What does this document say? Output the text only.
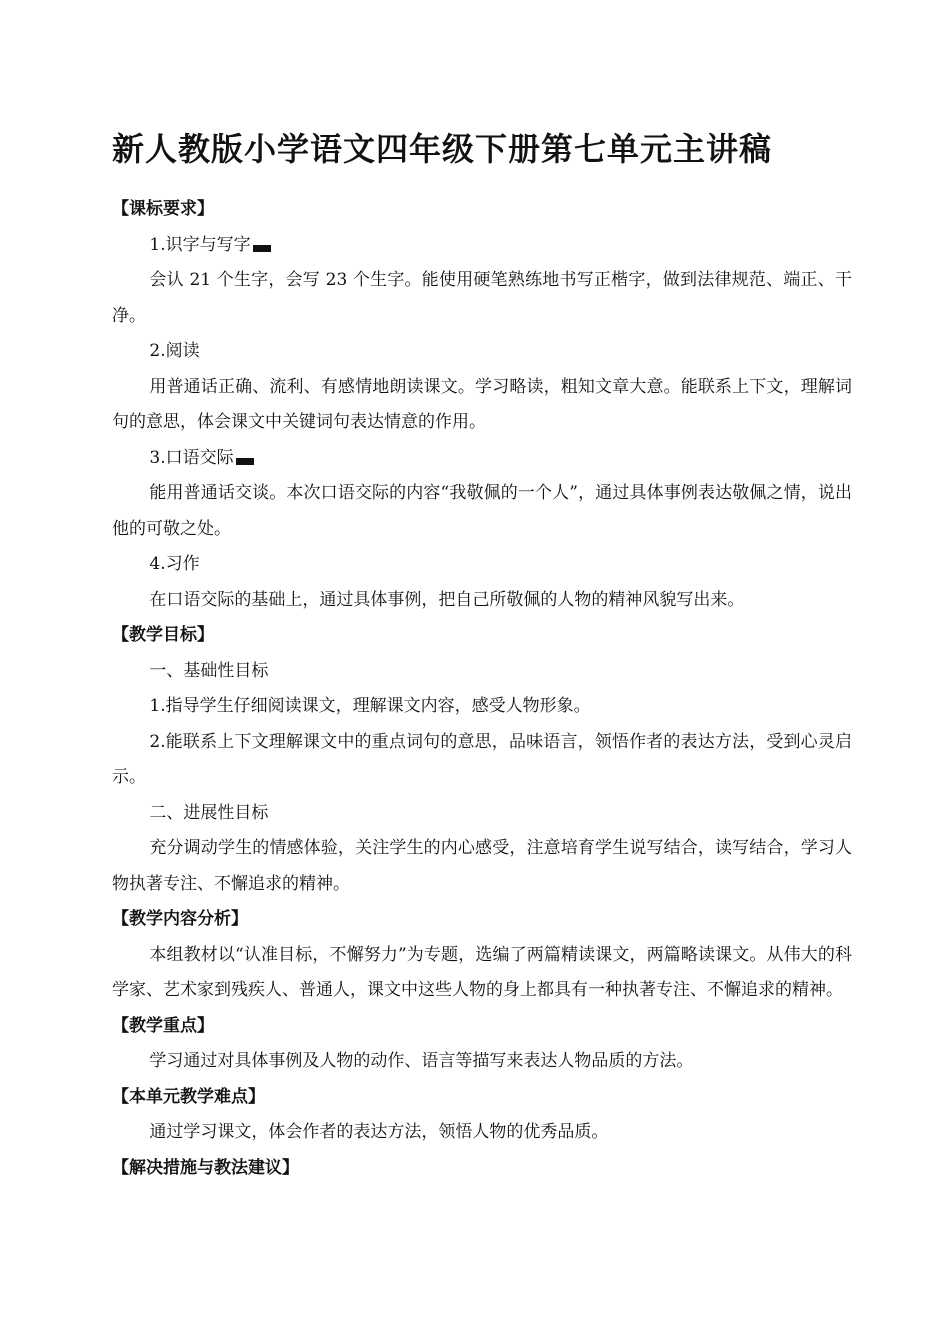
新人教版小学语文四年级下册第七单元主讲稿
【课标要求】
1.识字与写字
会认 21 个生字，会写 23 个生字。能使用硬笔熟练地书写正楷字，做到法律规范、端正、干净。
2.阅读
用普通话正确、流利、有感情地朗读课文。学习略读，粗知文章大意。能联系上下文，理解词句的意思，体会课文中关键词句表达情意的作用。
3.口语交际
能用普通话交谈。本次口语交际的内容“我敬佩的一个人”，通过具体事例表达敬佩之情，说出他的可敬之处。
4.习作
在口语交际的基础上，通过具体事例，把自己所敬佩的人物的精神风貌写出来。
【教学目标】
一、基础性目标
1.指导学生仔细阅读课文，理解课文内容，感受人物形象。
2.能联系上下文理解课文中的重点词句的意思，品味语言，领悟作者的表达方法，受到心灵启示。
二、进展性目标
充分调动学生的情感体验，关注学生的内心感受，注意培育学生说写结合，读写结合，学习人物执著专注、不懈追求的精神。
【教学内容分析】
本组教材以“认准目标，不懈努力”为专题，选编了两篇精读课文，两篇略读课文。从伟大的科学家、艺术家到残疾人、普通人，课文中这些人物的身上都具有一种执著专注、不懈追求的精神。
【教学重点】
学习通过对具体事例及人物的动作、语言等描写来表达人物品质的方法。
【本单元教学难点】
通过学习课文，体会作者的表达方法，领悟人物的优秀品质。
【解决措施与教法建议】
